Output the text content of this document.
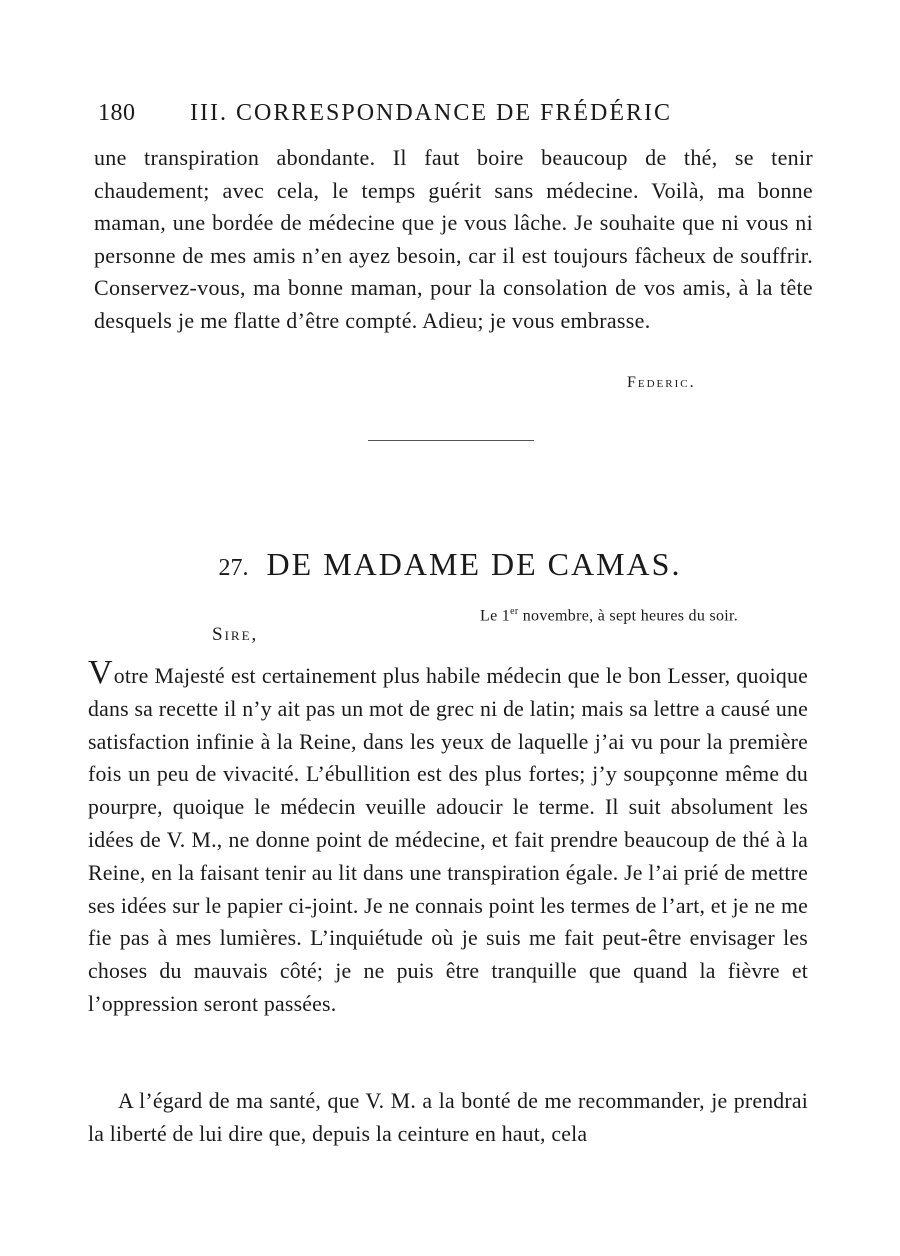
180 III. CORRESPONDANCE DE FRÉDÉRIC

une transpiration abondante. Il faut boire beaucoup de thé, se tenir chaudement; avec cela, le temps guérit sans médecine. Voilà, ma bonne maman, une bordée de médecine que je vous lâche. Je souhaite que ni vous ni personne de mes amis n’en ayez besoin, car il est toujours fâcheux de souffrir. Conservez-vous, ma bonne maman, pour la consolation de vos amis, à la tête desquels je me flatte d’être compté. Adieu; je vous embrasse.

Federic.
27. DE MADAME DE CAMAS.
Le 1er novembre, à sept heures du soir.
Sire,

Votre Majesté est certainement plus habile médecin que le bon Lesser, quoique dans sa recette il n’y ait pas un mot de grec ni de latin; mais sa lettre a causé une satisfaction infinie à la Reine, dans les yeux de laquelle j’ai vu pour la première fois un peu de vivacité. L’ébullition est des plus fortes; j’y soupçonne même du pourpre, quoique le médecin veuille adoucir le terme. Il suit absolument les idées de V. M., ne donne point de médecine, et fait prendre beaucoup de thé à la Reine, en la faisant tenir au lit dans une transpiration égale. Je l’ai prié de mettre ses idées sur le papier ci-joint. Je ne connais point les termes de l’art, et je ne me fie pas à mes lumières. L’inquiétude où je suis me fait peut-être envisager les choses du mauvais côté; je ne puis être tranquille que quand la fièvre et l’oppression seront passées.

A l’égard de ma santé, que V. M. a la bonté de me recommander, je prendrai la liberté de lui dire que, depuis la ceinture en haut, cela
